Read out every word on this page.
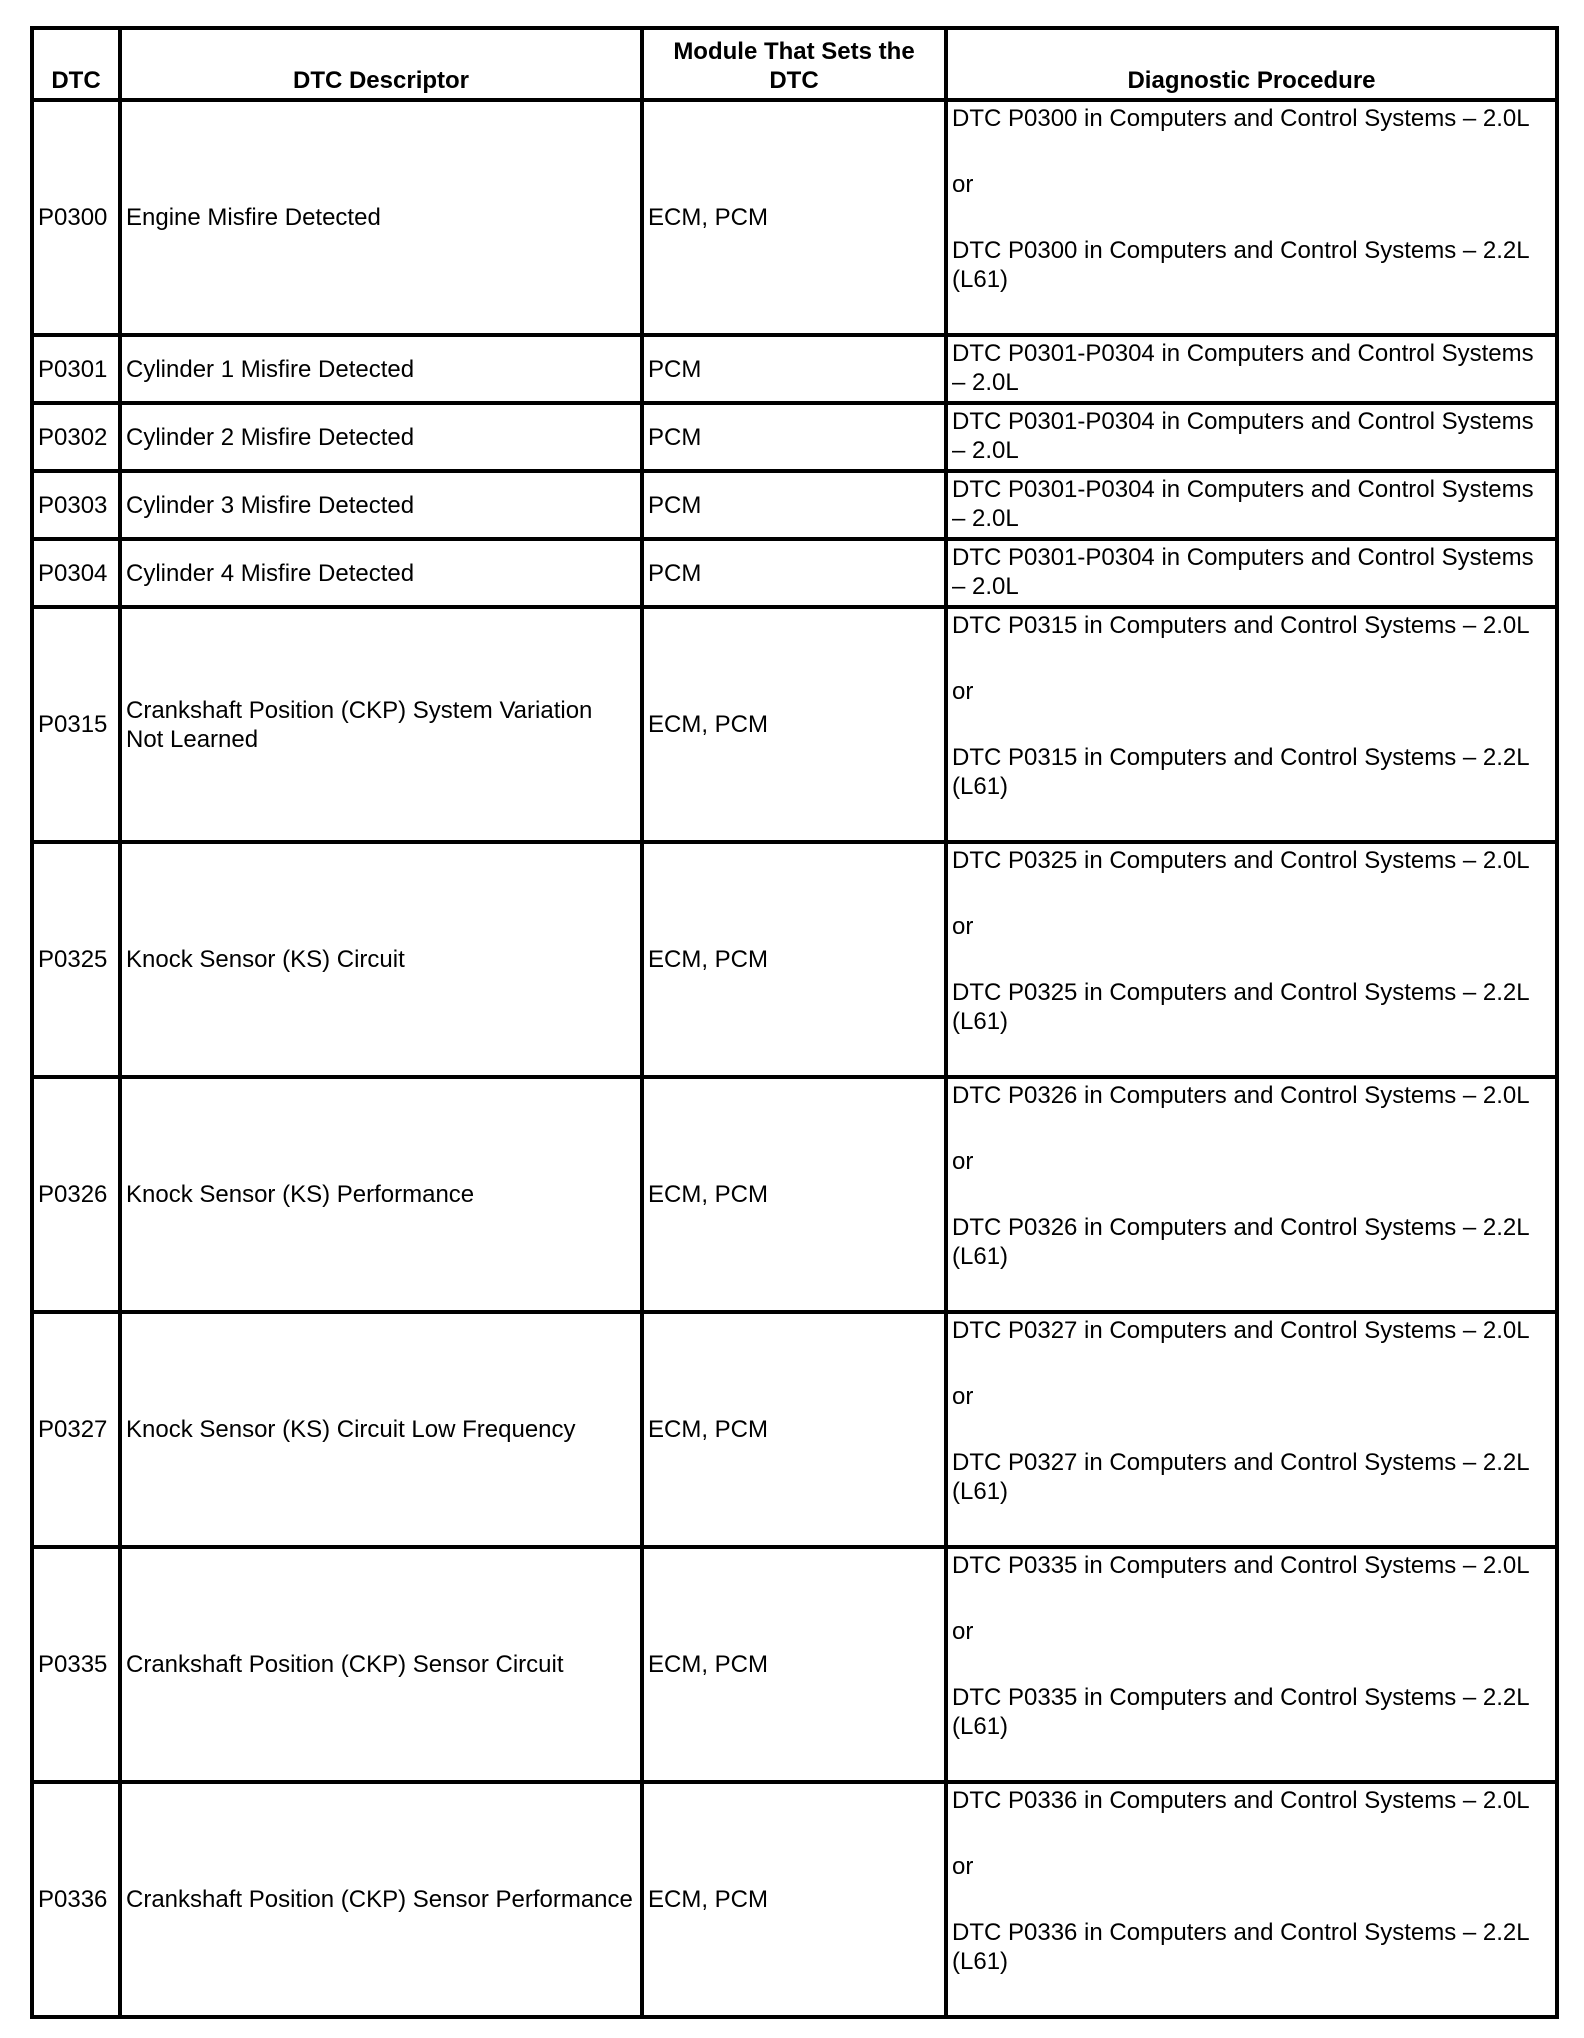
DTC	DTC Descriptor	Module That Sets the DTC	Diagnostic Procedure
P0300	Engine Misfire Detected	ECM, PCM	DTC P0300 in Computers and Control Systems – 2.0L
or
DTC P0300 in Computers and Control Systems – 2.2L (L61)

P0301	Cylinder 1 Misfire Detected	PCM	DTC P0301-P0304 in Computers and Control Systems – 2.0L

P0302	Cylinder 2 Misfire Detected	PCM	DTC P0301-P0304 in Computers and Control Systems – 2.0L

P0303	Cylinder 3 Misfire Detected	PCM	DTC P0301-P0304 in Computers and Control Systems – 2.0L

P0304	Cylinder 4 Misfire Detected	PCM	DTC P0301-P0304 in Computers and Control Systems – 2.0L

P0315	Crankshaft Position (CKP) System Variation Not Learned	ECM, PCM	DTC P0315 in Computers and Control Systems – 2.0L
or
DTC P0315 in Computers and Control Systems – 2.2L (L61)

P0325	Knock Sensor (KS) Circuit	ECM, PCM	DTC P0325 in Computers and Control Systems – 2.0L
or
DTC P0325 in Computers and Control Systems – 2.2L (L61)

P0326	Knock Sensor (KS) Performance	ECM, PCM	DTC P0326 in Computers and Control Systems – 2.0L
or
DTC P0326 in Computers and Control Systems – 2.2L (L61)

P0327	Knock Sensor (KS) Circuit Low Frequency	ECM, PCM	DTC P0327 in Computers and Control Systems – 2.0L
or
DTC P0327 in Computers and Control Systems – 2.2L (L61)

P0335	Crankshaft Position (CKP) Sensor Circuit	ECM, PCM	DTC P0335 in Computers and Control Systems – 2.0L
or
DTC P0335 in Computers and Control Systems – 2.2L (L61)

P0336	Crankshaft Position (CKP) Sensor Performance	ECM, PCM	DTC P0336 in Computers and Control Systems – 2.0L
or
DTC P0336 in Computers and Control Systems – 2.2L (L61)
